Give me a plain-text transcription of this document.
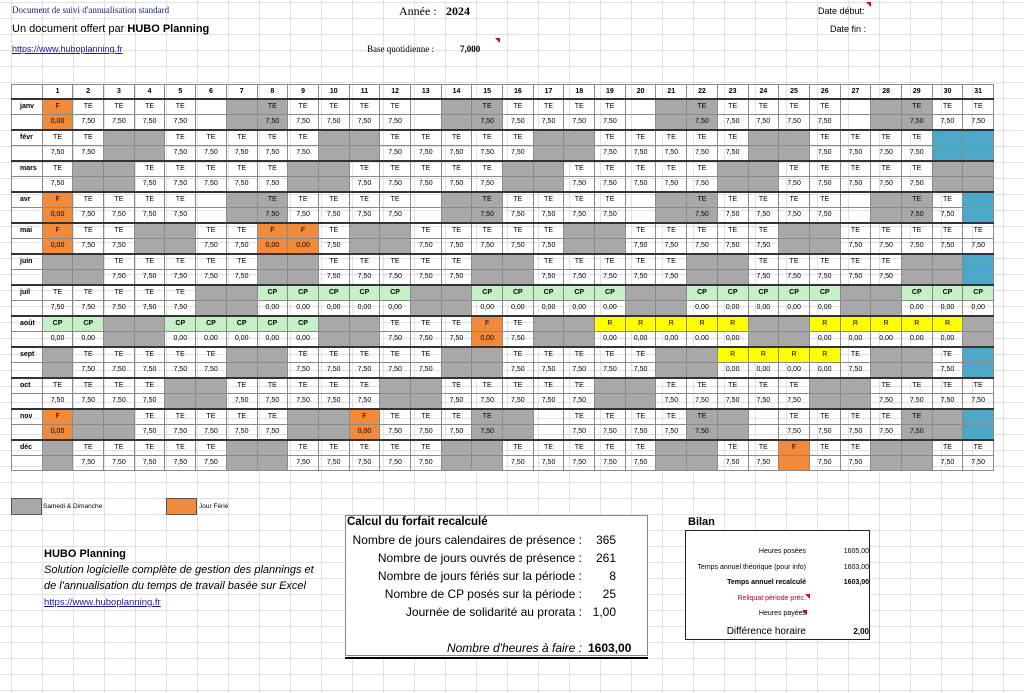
Document de suivi d'annualisation standard	Année : 2024	Date début:
Un document offert par HUBO Planning	Date fin :
https://www.huboplanning.fr	Base quotidienne :	7,000
	1	2	3	4	5	6	7	8	9	10	11	12	13	14	15	16	17	18	19	20	21	22	23	24	25	26	27	28	29	30	31
janv	F	TE	TE	TE	TE			TE	TE	TE	TE	TE			TE	TE	TE	TE	TE			TE	TE	TE	TE	TE			TE	TE	TE
	0,00	7,50	7,50	7,50	7,50			7,50	7,50	7,50	7,50	7,50			7,50	7,50	7,50	7,50	7,50			7,50	7,50	7,50	7,50	7,50			7,50	7,50	7,50
févr	TE	TE			TE	TE	TE	TE	TE			TE	TE	TE	TE	TE			TE	TE	TE	TE	TE			TE	TE	TE	TE		
	7,50	7,50			7,50	7,50	7,50	7,50	7,50			7,50	7,50	7,50	7,50	7,50			7,50	7,50	7,50	7,50	7,50			7,50	7,50	7,50	7,50		
mars	TE			TE	TE	TE	TE	TE			TE	TE	TE	TE	TE			TE	TE	TE	TE	TE			TE	TE	TE	TE	TE		
	7,50			7,50	7,50	7,50	7,50	7,50			7,50	7,50	7,50	7,50	7,50			7,50	7,50	7,50	7,50	7,50			7,50	7,50	7,50	7,50	7,50		
avr	F	TE	TE	TE	TE			TE	TE	TE	TE	TE			TE	TE	TE	TE	TE			TE	TE	TE	TE	TE			TE	TE	
	0,00	7,50	7,50	7,50	7,50			7,50	7,50	7,50	7,50	7,50			7,50	7,50	7,50	7,50	7,50			7,50	7,50	7,50	7,50	7,50			7,50	7,50	
mai	F	TE	TE			TE	TE	F	F	TE			TE	TE	TE	TE	TE			TE	TE	TE	TE	TE			TE	TE	TE	TE	TE
	0,00	7,50	7,50			7,50	7,50	0,00	0,00	7,50			7,50	7,50	7,50	7,50	7,50			7,50	7,50	7,50	7,50	7,50			7,50	7,50	7,50	7,50	7,50
juin			TE	TE	TE	TE	TE			TE	TE	TE	TE	TE			TE	TE	TE	TE	TE			TE	TE	TE	TE	TE			
			7,50	7,50	7,50	7,50	7,50			7,50	7,50	7,50	7,50	7,50			7,50	7,50	7,50	7,50	7,50			7,50	7,50	7,50	7,50	7,50			
juil	TE	TE	TE	TE	TE			CP	CP	CP	CP	CP			CP	CP	CP	CP	CP			CP	CP	CP	CP	CP			CP	CP	CP
	7,50	7,50	7,50	7,50	7,50			0,00	0,00	0,00	0,00	0,00			0,00	0,00	0,00	0,00	0,00			0,00	0,00	0,00	0,00	0,00			0,00	0,00	0,00
août	CP	CP			CP	CP	CP	CP	CP			TE	TE	TE	F	TE			R	R	R	R	R			R	R	R	R	R	
	0,00	0,00			0,00	0,00	0,00	0,00	0,00			7,50	7,50	7,50	0,00	7,50			0,00	0,00	0,00	0,00	0,00			0,00	0,00	0,00	0,00	0,00	
sept		TE	TE	TE	TE	TE			TE	TE	TE	TE	TE			TE	TE	TE	TE	TE			R	R	R	R	TE			TE	
		7,50	7,50	7,50	7,50	7,50			7,50	7,50	7,50	7,50	7,50			7,50	7,50	7,50	7,50	7,50			0,00	0,00	0,00	0,00	7,50			7,50	
oct	TE	TE	TE	TE			TE	TE	TE	TE	TE			TE	TE	TE	TE	TE			TE	TE	TE	TE	TE			TE	TE	TE	TE
	7,50	7,50	7,50	7,50			7,50	7,50	7,50	7,50	7,50			7,50	7,50	7,50	7,50	7,50			7,50	7,50	7,50	7,50	7,50			7,50	7,50	7,50	7,50
nov	F			TE	TE	TE	TE	TE			F	TE	TE	TE	TE			TE	TE	TE	TE	TE			TE	TE	TE	TE	TE		
	0,00			7,50	7,50	7,50	7,50	7,50			0,00	7,50	7,50	7,50	7,50			7,50	7,50	7,50	7,50	7,50			7,50	7,50	7,50	7,50	7,50		
déc		TE	TE	TE	TE	TE			TE	TE	TE	TE	TE			TE	TE	TE	TE	TE			TE	TE	F	TE	TE			TE	TE
		7,50	7,50	7,50	7,50	7,50			7,50	7,50	7,50	7,50	7,50			7,50	7,50	7,50	7,50	7,50			7,50	7,50		7,50	7,50			7,50	7,50
Samedi & Dimanche	Jour Férié
HUBO Planning
Solution logicielle complète de gestion des plannings et
de l'annualisation du temps de travail basée sur Excel
https://www.huboplanning.fr
Calcul du forfait recalculé
Nombre de jours calendaires de présence :	365
Nombre de jours ouvrés de présence :	261
Nombre de jours fériés sur la période :	8
Nombre de CP posés sur la période :	25
Journée de solidarité au prorata : 1,00
Nombre d'heures à faire : 1603,00
Bilan
Heures posées	1605,00
Temps annuel théorique (pour info)	1603,00
Temps annuel recalculé	1603,00
Reliquat période préc.
Heures payées
Différence horaire	2,00
